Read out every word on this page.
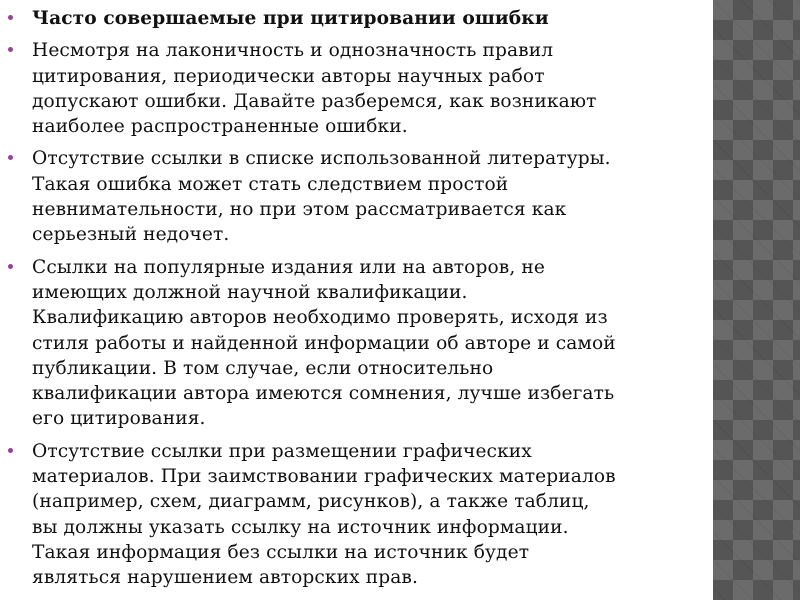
Часто совершаемые при цитировании ошибки
Несмотря на лаконичность и однозначность правил
цитирования, периодически авторы научных работ
допускают ошибки. Давайте разберемся, как возникают
наиболее распространенные ошибки.
Отсутствие ссылки в списке использованной литературы.
Такая ошибка может стать следствием простой
невнимательности, но при этом рассматривается как
серьезный недочет.
Ссылки на популярные издания или на авторов, не
имеющих должной научной квалификации.
Квалификацию авторов необходимо проверять, исходя из
стиля работы и найденной информации об авторе и самой
публикации. В том случае, если относительно
квалификации автора имеются сомнения, лучше избегать
его цитирования.
Отсутствие ссылки при размещении графических
материалов. При заимствовании графических материалов
(например, схем, диаграмм, рисунков), а также таблиц,
вы должны указать ссылку на источник информации.
Такая информация без ссылки на источник будет
являться нарушением авторских прав.
